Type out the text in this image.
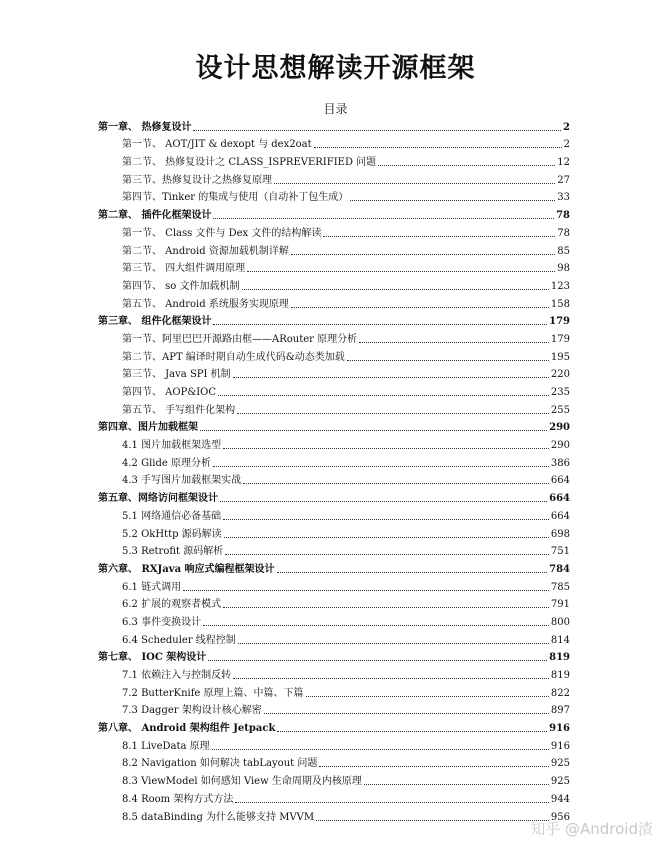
设计思想解读开源框架
目录
第一章、 热修复设计	2
第一节、 AOT/JIT & dexopt 与 dex2oat	2
第二节、 热修复设计之 CLASS_ISPREVERIFIED 问题	12
第三节、热修复设计之热修复原理	27
第四节、Tinker 的集成与使用（自动补丁包生成）	33
第二章、 插件化框架设计	78
第一节、 Class 文件与 Dex 文件的结构解读	78
第二节、 Android 资源加载机制详解	85
第三节、 四大组件调用原理	98
第四节、 so 文件加载机制	123
第五节、 Android 系统服务实现原理	158
第三章、 组件化框架设计	179
第一节、阿里巴巴开源路由框——ARouter 原理分析	179
第二节、APT 编译时期自动生成代码&动态类加载	195
第三节、 Java SPI 机制	220
第四节、 AOP&IOC	235
第五节、 手写组件化架构	255
第四章、图片加载框架	290
4.1 图片加载框架选型	290
4.2 Glide 原理分析	386
4.3 手写图片加载框架实战	664
第五章、网络访问框架设计	664
5.1 网络通信必备基础	664
5.2 OkHttp 源码解读	698
5.3 Retrofit 源码解析	751
第六章、 RXJava 响应式编程框架设计	784
6.1 链式调用	785
6.2 扩展的观察者模式	791
6.3 事件变换设计	800
6.4 Scheduler 线程控制	814
第七章、 IOC 架构设计	819
7.1 依赖注入与控制反转	819
7.2 ButterKnife 原理上篇、中篇、下篇	822
7.3 Dagger 架构设计核心解密	897
第八章、 Android 架构组件 Jetpack	916
8.1 LiveData 原理	916
8.2 Navigation 如何解决 tabLayout 问题	925
8.3 ViewModel 如何感知 View 生命周期及内核原理	925
8.4 Room 架构方式方法	944
8.5 dataBinding 为什么能够支持 MVVM	956
知乎 @Android渣
